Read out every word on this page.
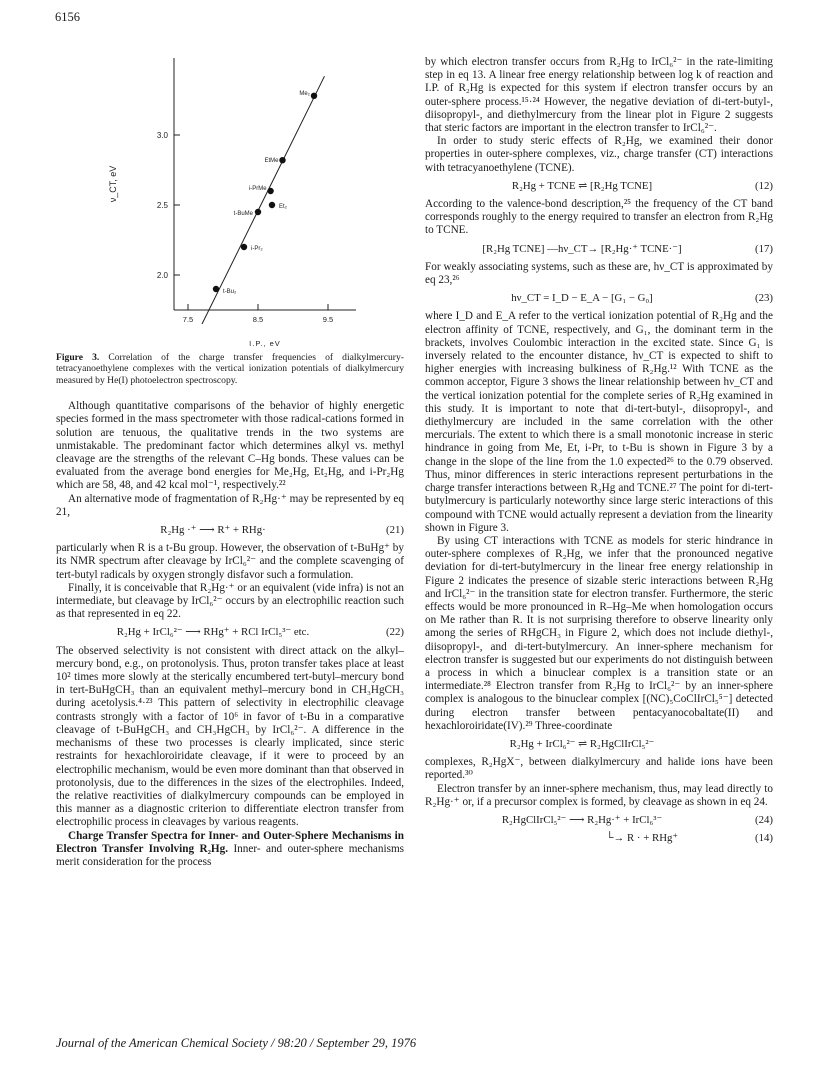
6156
2.0
2.5
3.0
7.5	8.5	9.5
Me₂
EtMe
i-PrMe
Et₂
t-BuMe
i-Pr₂
t-Bu₂
ν_CT, eV
I.P., eV
Figure 3. Correlation of the charge transfer frequencies of dialkylmercury-tetracyanoethylene complexes with the vertical ionization potentials of dialkylmercury measured by He(I) photoelectron spectroscopy.

Although quantitative comparisons of the behavior of highly energetic species formed in the mass spectrometer with those radical-cations formed in solution are tenuous, the qualitative trends in the two systems are unmistakable. The predominant factor which determines alkyl vs. methyl cleavage are the strengths of the relevant C–Hg bonds. These values can be evaluated from the average bond energies for Me₂Hg, Et₂Hg, and i-Pr₂Hg which are 58, 48, and 42 kcal mol⁻¹, respectively.²²

An alternative mode of fragmentation of R₂Hg·⁺ may be represented by eq 21,

R₂Hg ·⁺ ⟶ R⁺ + RHg·	(21)

particularly when R is a t-Bu group. However, the observation of t-BuHg⁺ by its NMR spectrum after cleavage by IrCl₆²⁻ and the complete scavenging of tert-butyl radicals by oxygen strongly disfavor such a formulation.

Finally, it is conceivable that R₂Hg·⁺ or an equivalent (vide infra) is not an intermediate, but cleavage by IrCl₆²⁻ occurs by an electrophilic reaction such as that represented in eq 22.

R₂Hg + IrCl₆²⁻ ⟶ RHg⁺ + RCl IrCl₅³⁻ etc.	(22)

The observed selectivity is not consistent with direct attack on the alkyl–mercury bond, e.g., on protonolysis. Thus, proton transfer takes place at least 10² times more slowly at the sterically encumbered tert-butyl–mercury bond in tert-BuHgCH₃ than an equivalent methyl–mercury bond in CH₃HgCH₃ during acetolysis.⁴·²³ This pattern of selectivity in electrophilic cleavage contrasts strongly with a factor of 10⁶ in favor of t-Bu in a comparative cleavage of t-BuHgCH₃ and CH₃HgCH₃ by IrCl₆²⁻. A difference in the mechanisms of these two processes is clearly implicated, since steric restraints for hexachloroiridate cleavage, if it were to proceed by an electrophilic mechanism, would be even more dominant than that observed in protonolysis, due to the differences in the sizes of the electrophiles. Indeed, the relative reactivities of dialkylmercury compounds can be employed in this manner as a diagnostic criterion to differentiate electron transfer from electrophilic process in cleavages by various reagents.

Charge Transfer Spectra for Inner- and Outer-Sphere Mechanisms in Electron Transfer Involving R₂Hg. Inner- and outer-sphere mechanisms merit consideration for the process

by which electron transfer occurs from R₂Hg to IrCl₆²⁻ in the rate-limiting step in eq 13. A linear free energy relationship between log k of reaction and I.P. of R₂Hg is expected for this system if electron transfer occurs by an outer-sphere process.¹⁵·²⁴ However, the negative deviation of di-tert-butyl-, diisopropyl-, and diethylmercury from the linear plot in Figure 2 suggests that steric factors are important in the electron transfer to IrCl₆²⁻.

In order to study steric effects of R₂Hg, we examined their donor properties in outer-sphere complexes, viz., charge transfer (CT) interactions with tetracyanoethylene (TCNE).

R₂Hg + TCNE ⇌ [R₂Hg TCNE]	(12)

According to the valence-bond description,²⁵ the frequency of the CT band corresponds roughly to the energy required to transfer an electron from R₂Hg to TCNE.

[R₂Hg TCNE] —hν_CT→ [R₂Hg·⁺ TCNE·⁻]	(17)

For weakly associating systems, such as these are, hν_CT is approximated by eq 23,²⁶

hν_CT = I_D − E_A − [G₁ − G₀]	(23)

where I_D and E_A refer to the vertical ionization potential of R₂Hg and the electron affinity of TCNE, respectively, and G₁, the dominant term in the brackets, involves Coulombic interaction in the excited state. Since G₁ is inversely related to the encounter distance, hν_CT is expected to shift to higher energies with increasing bulkiness of R₂Hg.¹² With TCNE as the common acceptor, Figure 3 shows the linear relationship between hν_CT and the vertical ionization potential for the complete series of R₂Hg examined in this study. It is important to note that di-tert-butyl-, diisopropyl-, and diethylmercury are included in the same correlation with the other mercurials. The extent to which there is a small monotonic increase in steric hindrance in going from Me, Et, i-Pr, to t-Bu is shown in Figure 3 by a change in the slope of the line from the 1.0 expected²⁶ to the 0.79 observed. Thus, minor differences in steric interactions represent perturbations in the charge transfer interactions between R₂Hg and TCNE.²⁷ The point for di-tert-butylmercury is particularly noteworthy since large steric interactions of this compound with TCNE would actually represent a deviation from the linearity shown in Figure 3.

By using CT interactions with TCNE as models for steric hindrance in outer-sphere complexes of R₂Hg, we infer that the pronounced negative deviation for di-tert-butylmercury in the linear free energy relationship in Figure 2 indicates the presence of sizable steric interactions between R₂Hg and IrCl₆²⁻ in the transition state for electron transfer. Furthermore, the steric effects would be more pronounced in R–Hg–Me when homologation occurs on Me rather than R. It is not surprising therefore to observe linearity only among the series of RHgCH₃ in Figure 2, which does not include diethyl-, diisopropyl-, and di-tert-butylmercury. An inner-sphere mechanism for electron transfer is suggested but our experiments do not distinguish between a process in which a binuclear complex is a transition state or an intermediate.²⁸ Electron transfer from R₂Hg to IrCl₆²⁻ by an inner-sphere complex is analogous to the binuclear complex [(NC)₅CoClIrCl₅⁵⁻] detected during electron transfer between pentacyanocobaltate(II) and hexachloroiridate(IV).²⁹ Three-coordinate

R₂Hg + IrCl₆²⁻ ⇌ R₂HgClIrCl₅²⁻

complexes, R₂HgX⁻, between dialkylmercury and halide ions have been reported.³⁰

Electron transfer by an inner-sphere mechanism, thus, may lead directly to R₂Hg·⁺ or, if a precursor complex is formed, by cleavage as shown in eq 24.

R₂HgClIrCl₅²⁻ ⟶ R₂Hg·⁺ + IrCl₆³⁻	(24)
└→ R · + RHg⁺	(14)
Journal of the American Chemical Society / 98:20 / September 29, 1976
